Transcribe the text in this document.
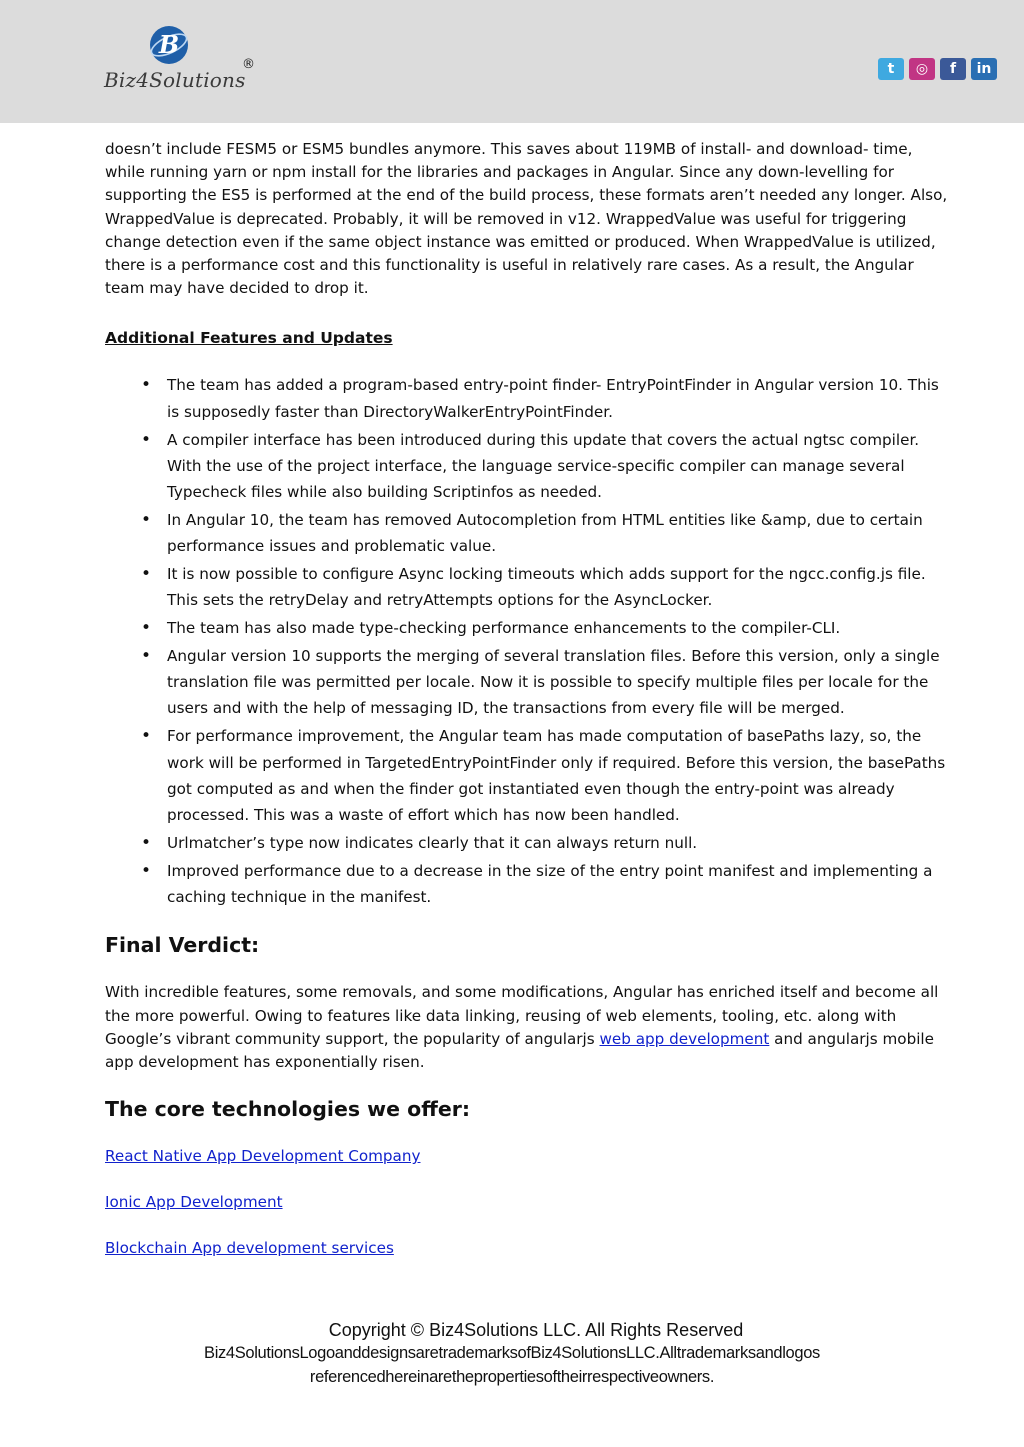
B
Biz4Solutions
®	t	◎	f	in

doesn’t include FESM5 or ESM5 bundles anymore. This saves about 119MB of install- and download- time, while running yarn or npm install for the libraries and packages in Angular. Since any down-levelling for supporting the ES5 is performed at the end of the build process, these formats aren’t needed any longer. Also, WrappedValue is deprecated. Probably, it will be removed in v12. WrappedValue was useful for triggering change detection even if the same object instance was emitted or produced. When WrappedValue is utilized, there is a performance cost and this functionality is useful in relatively rare cases. As a result, the Angular team may have decided to drop it.

Additional Features and Updates
• The team has added a program-based entry-point finder- EntryPointFinder in Angular version 10. This is supposedly faster than DirectoryWalkerEntryPointFinder.
• A compiler interface has been introduced during this update that covers the actual ngtsc compiler. With the use of the project interface, the language service-specific compiler can manage several Typecheck files while also building Scriptinfos as needed.
• In Angular 10, the team has removed Autocompletion from HTML entities like &amp, due to certain performance issues and problematic value.
• It is now possible to configure Async locking timeouts which adds support for the ngcc.config.js file. This sets the retryDelay and retryAttempts options for the AsyncLocker.
• The team has also made type-checking performance enhancements to the compiler-CLI.
• Angular version 10 supports the merging of several translation files. Before this version, only a single translation file was permitted per locale. Now it is possible to specify multiple files per locale for the users and with the help of messaging ID, the transactions from every file will be merged.
• For performance improvement, the Angular team has made computation of basePaths lazy, so, the work will be performed in TargetedEntryPointFinder only if required. Before this version, the basePaths got computed as and when the finder got instantiated even though the entry-point was already processed. This was a waste of effort which has now been handled.
• Urlmatcher’s type now indicates clearly that it can always return null.
• Improved performance due to a decrease in the size of the entry point manifest and implementing a caching technique in the manifest.
Final Verdict:

With incredible features, some removals, and some modifications, Angular has enriched itself and become all the more powerful. Owing to features like data linking, reusing of web elements, tooling, etc. along with Google’s vibrant community support, the popularity of angularjs web app development and angularjs mobile app development has exponentially risen.

The core technologies we offer:

React Native App Development Company

Ionic App Development

Blockchain App development services

Copyright © Biz4Solutions LLC. All Rights Reserved
Biz4SolutionsLogoanddesignsaretrademarksofBiz4SolutionsLLC.Alltrademarksandlogos
referencedhereinarethepropertiesoftheirrespectiveowners.
